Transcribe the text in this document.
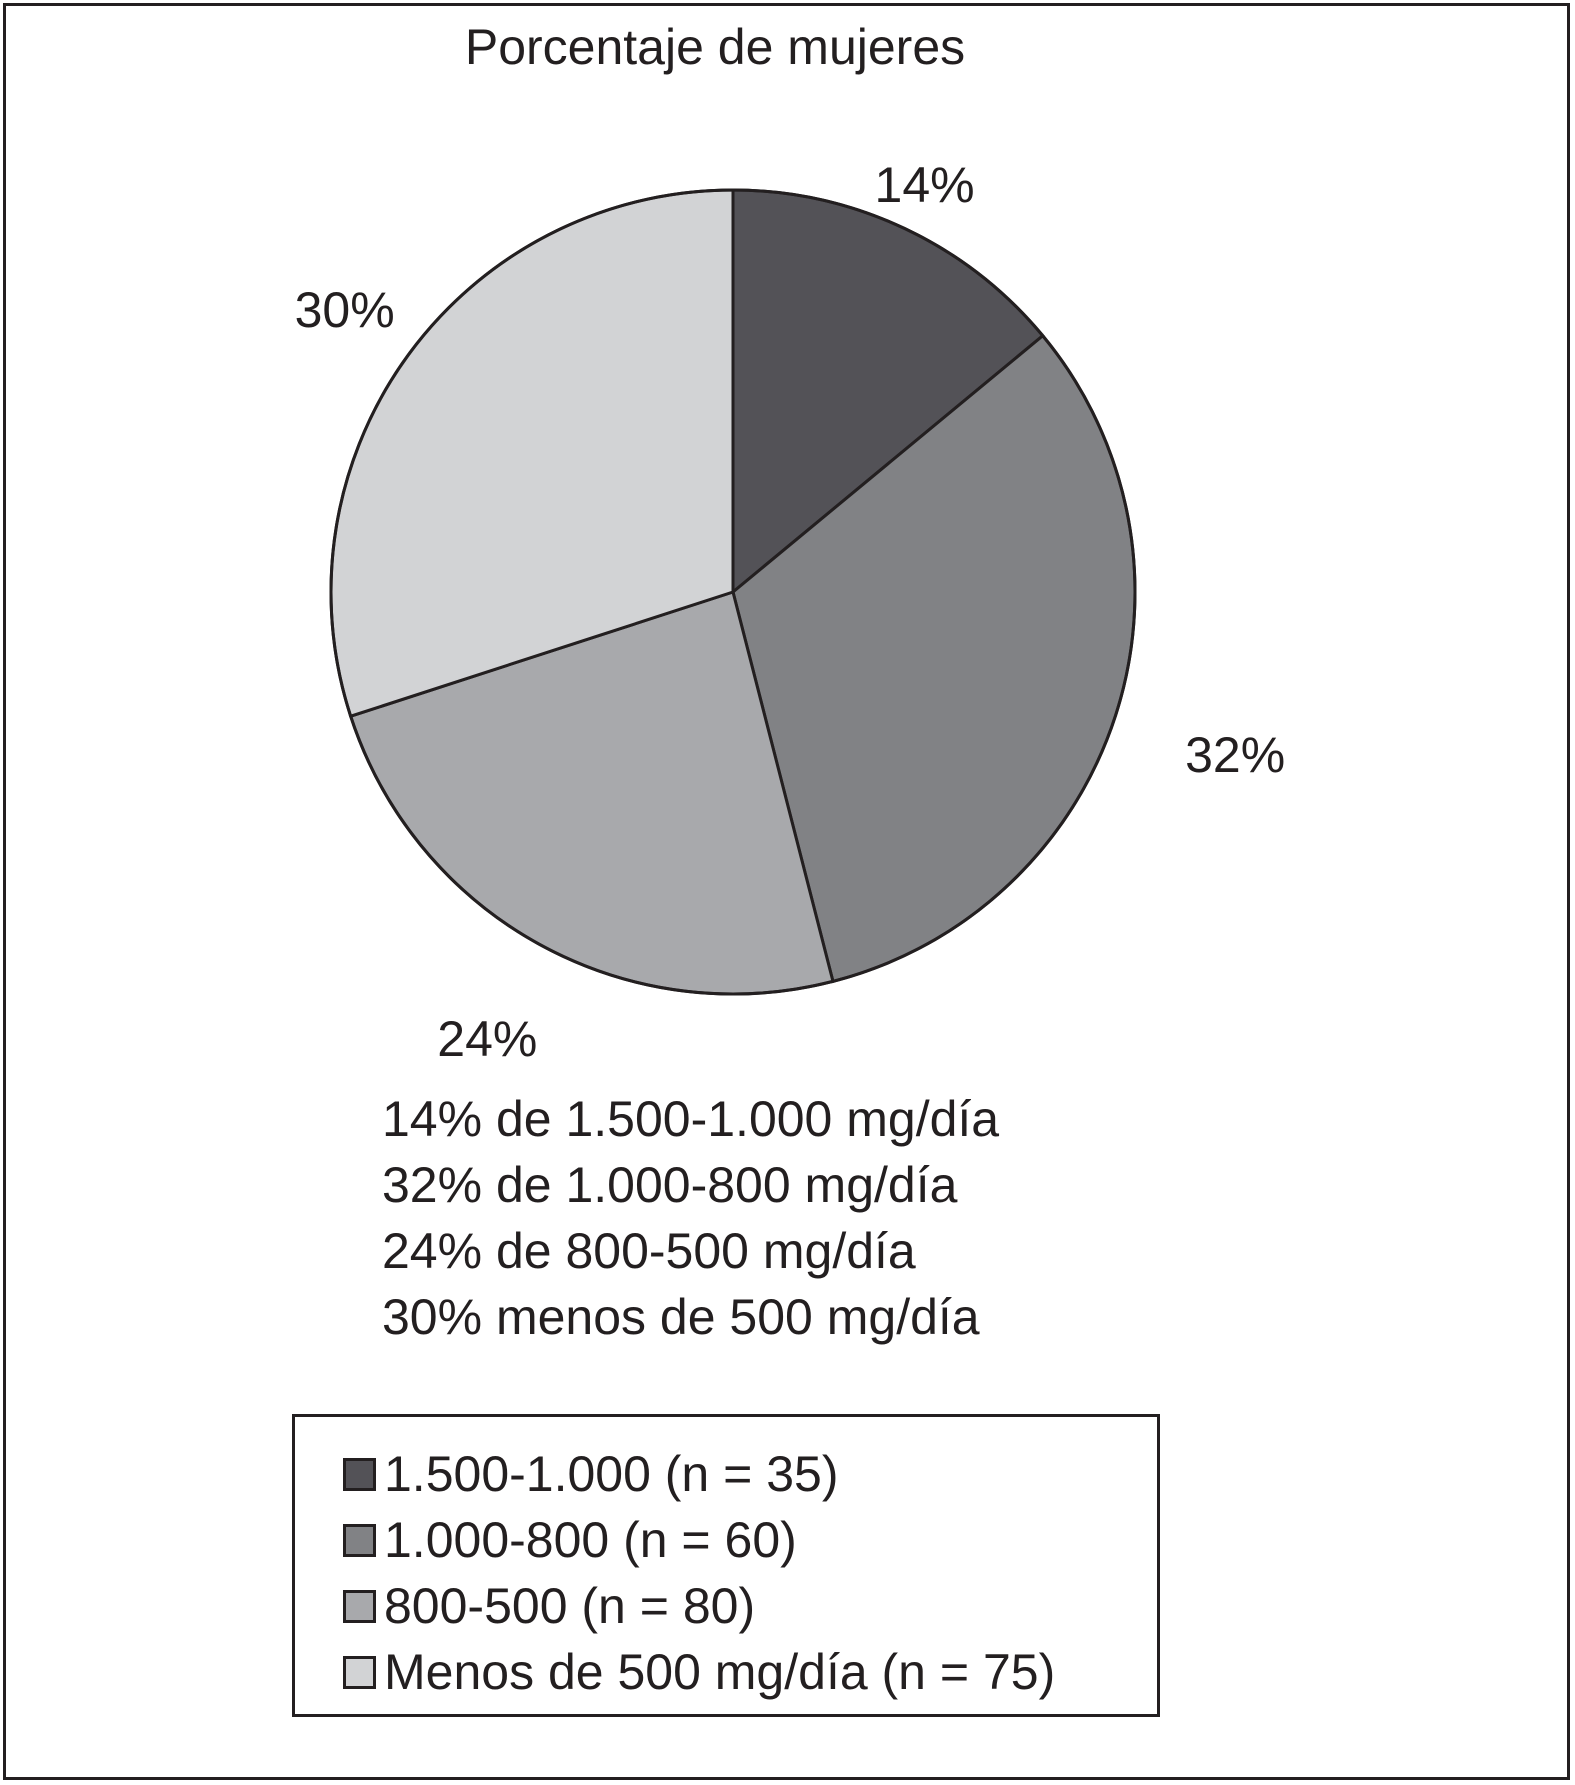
Porcentaje de mujeres
14%
32%
24%
30%
14% de 1.500-1.000 mg/día
32% de 1.000-800 mg/día
24% de 800-500 mg/día
30% menos de 500 mg/día
1.500-1.000 (n = 35)
1.000-800 (n = 60)
800-500 (n = 80)
Menos de 500 mg/día (n = 75)
